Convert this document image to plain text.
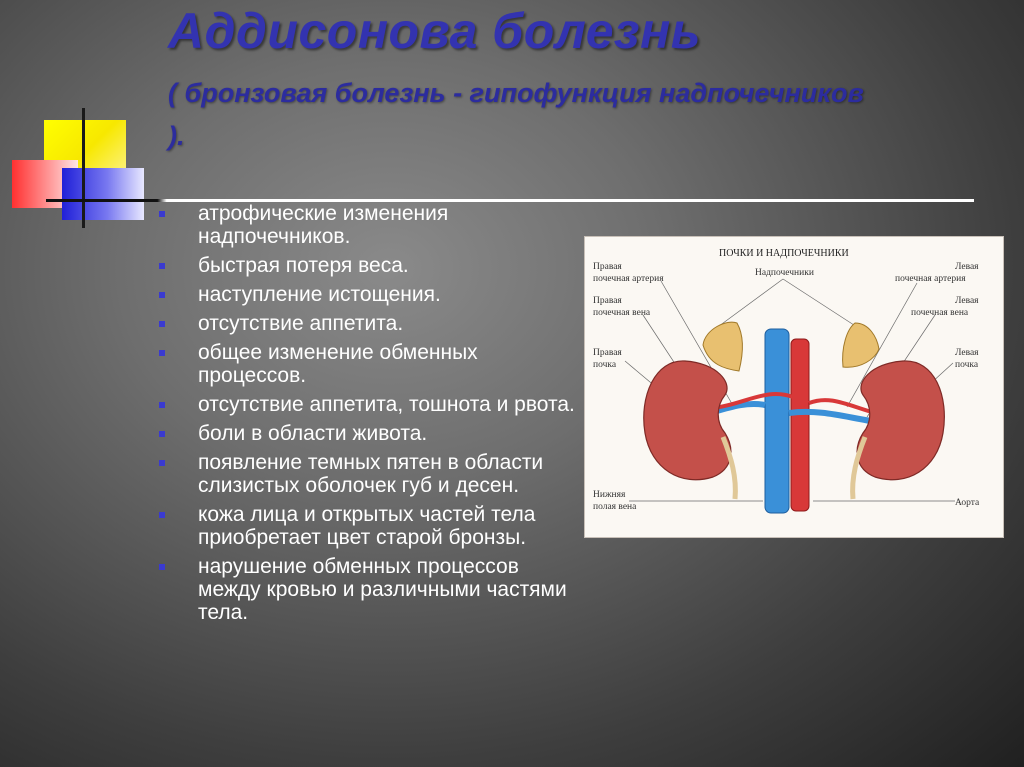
Аддисонова болезнь

( бронзовая болезнь - гипофункция надпочечников ).

атрофические изменения надпочечников.
быстрая потеря веса.
наступление истощения.
отсутствие аппетита.
общее изменение обменных процессов.
отсутствие аппетита, тошнота и рвота.
боли в области живота.
появление темных пятен в области слизистых оболочек губ и десен.
кожа лица и открытых частей тела приобретает цвет старой бронзы.
нарушение обменных процессов между кровью и различными частями тела.
ПОЧКИ И НАДПОЧЕЧНИКИ
Правая
почечная артерия
Правая
почечная вена
Правая
почка
Надпочечники
Левая
почечная артерия
Левая
почечная вена
Левая
почка
Нижняя
полая вена	Аорта
